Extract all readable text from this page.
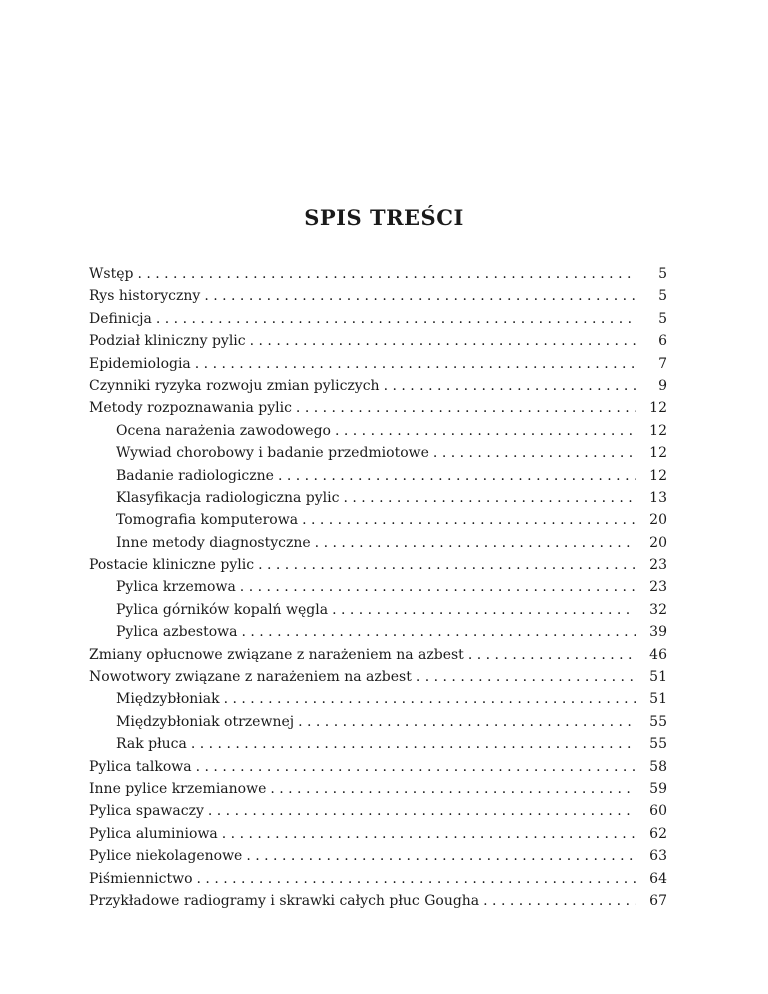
SPIS TREŚCI
Wstęp . . .	5
Rys historyczny . . .	5
Definicja . . .	5
Podział kliniczny pylic . . .	6
Epidemiologia . . .	7
Czynniki ryzyka rozwoju zmian pyliczych . . .	9
Metody rozpoznawania pylic . . .	12
Ocena narażenia zawodowego . . .	12
Wywiad chorobowy i badanie przedmiotowe . . .	12
Badanie radiologiczne . . .	12
Klasyfikacja radiologiczna pylic . . .	13
Tomografia komputerowa . . .	20
Inne metody diagnostyczne . . .	20
Postacie kliniczne pylic . . .	23
Pylica krzemowa . . .	23
Pylica górników kopalń węgla . . .	32
Pylica azbestowa . . .	39
Zmiany opłucnowe związane z narażeniem na azbest . . .	46
Nowotwory związane z narażeniem na azbest . . .	51
Międzybłoniak . . .	51
Międzybłoniak otrzewnej . . .	55
Rak płuca . . .	55
Pylica talkowa . . .	58
Inne pylice krzemianowe . . .	59
Pylica spawaczy . . .	60
Pylica aluminiowa . . .	62
Pylice niekolagenowe . . .	63
Piśmiennictwo . . .	64
Przykładowe radiogramy i skrawki całych płuc Gougha . . .	67
